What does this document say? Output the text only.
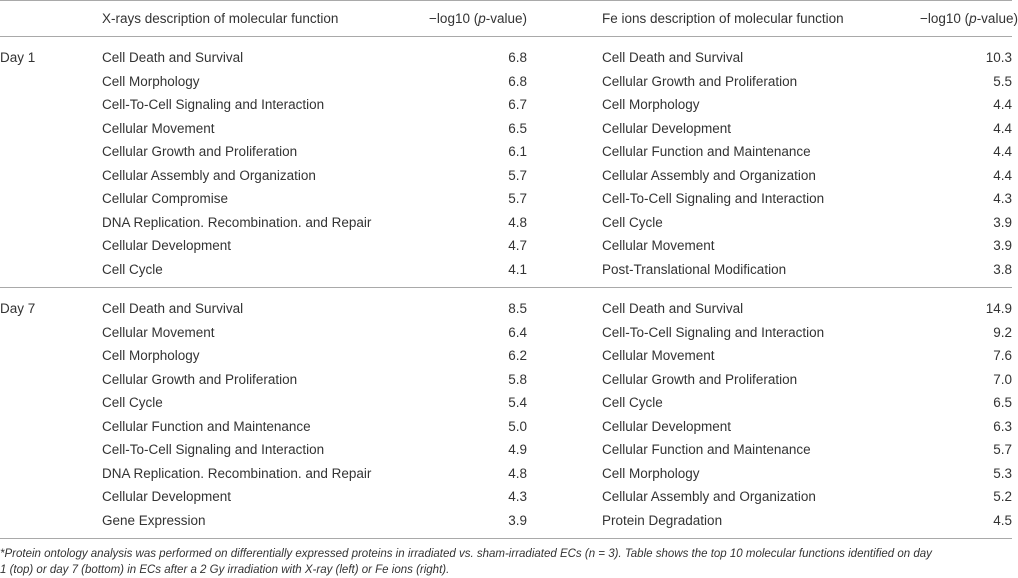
	X-rays description of molecular function	−log10 (p-value)		Fe ions description of molecular function	−log10 (p-value)
Day 1	Cell Death and Survival	6.8		Cell Death and Survival	10.3
	Cell Morphology	6.8		Cellular Growth and Proliferation	5.5
	Cell-To-Cell Signaling and Interaction	6.7		Cell Morphology	4.4
	Cellular Movement	6.5		Cellular Development	4.4
	Cellular Growth and Proliferation	6.1		Cellular Function and Maintenance	4.4
	Cellular Assembly and Organization	5.7		Cellular Assembly and Organization	4.4
	Cellular Compromise	5.7		Cell-To-Cell Signaling and Interaction	4.3
	DNA Replication. Recombination. and Repair	4.8		Cell Cycle	3.9
	Cellular Development	4.7		Cellular Movement	3.9
	Cell Cycle	4.1		Post-Translational Modification	3.8
Day 7	Cell Death and Survival	8.5		Cell Death and Survival	14.9
	Cellular Movement	6.4		Cell-To-Cell Signaling and Interaction	9.2
	Cell Morphology	6.2		Cellular Movement	7.6
	Cellular Growth and Proliferation	5.8		Cellular Growth and Proliferation	7.0
	Cell Cycle	5.4		Cell Cycle	6.5
	Cellular Function and Maintenance	5.0		Cellular Development	6.3
	Cell-To-Cell Signaling and Interaction	4.9		Cellular Function and Maintenance	5.7
	DNA Replication. Recombination. and Repair	4.8		Cell Morphology	5.3
	Cellular Development	4.3		Cellular Assembly and Organization	5.2
	Gene Expression	3.9		Protein Degradation	4.5

*Protein ontology analysis was performed on differentially expressed proteins in irradiated vs. sham-irradiated ECs (n = 3). Table shows the top 10 molecular functions identified on day
1 (top) or day 7 (bottom) in ECs after a 2 Gy irradiation with X-ray (left) or Fe ions (right).
